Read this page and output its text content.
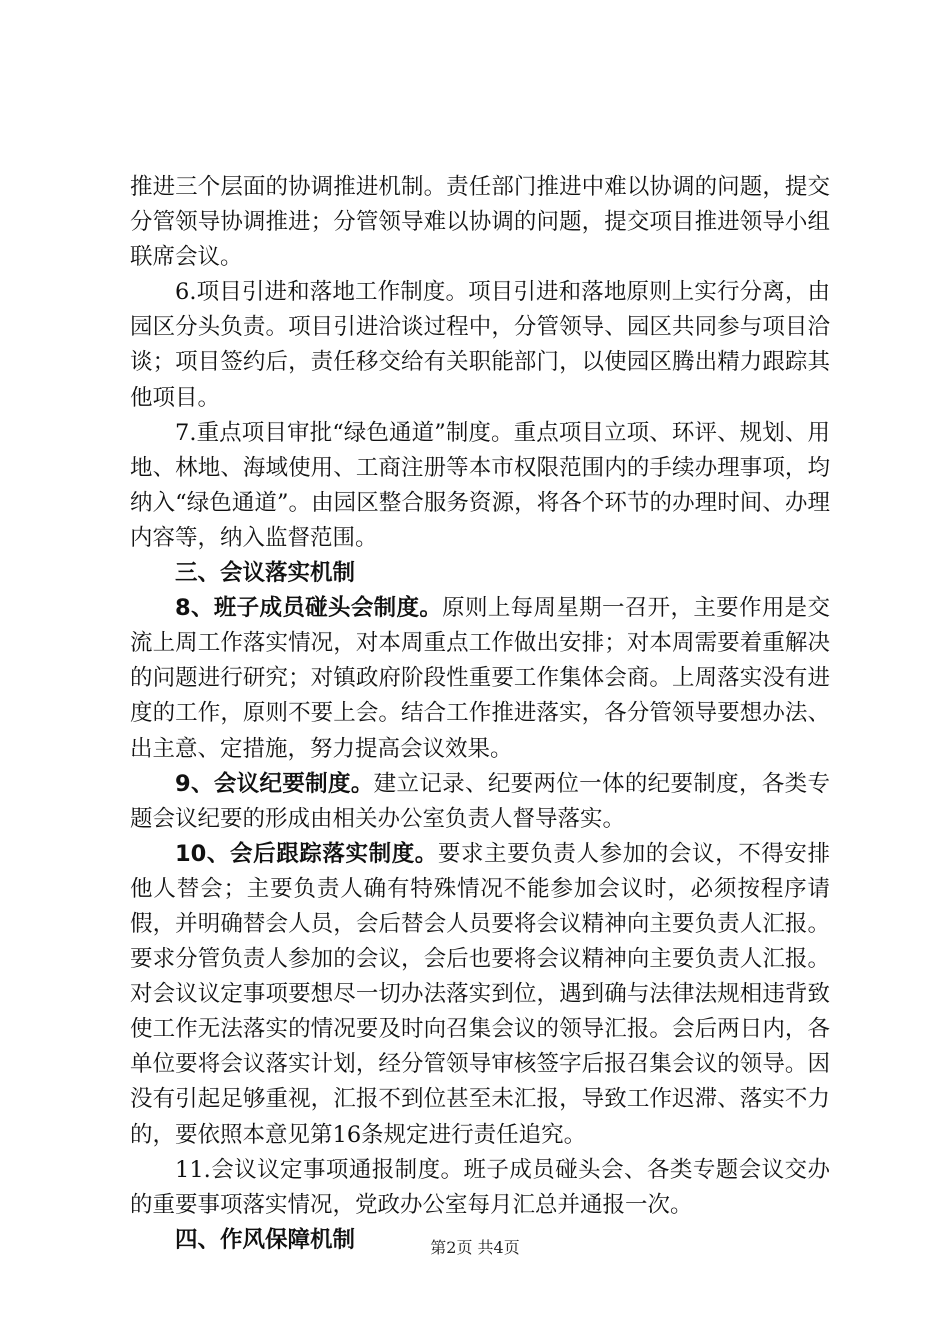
推进三个层面的协调推进机制。责任部门推进中难以协调的问题，提交分管领导协调推进；分管领导难以协调的问题，提交项目推进领导小组联席会议。

6.项目引进和落地工作制度。项目引进和落地原则上实行分离，由园区分头负责。项目引进洽谈过程中，分管领导、园区共同参与项目洽谈；项目签约后，责任移交给有关职能部门，以使园区腾出精力跟踪其他项目。

7.重点项目审批“绿色通道”制度。重点项目立项、环评、规划、用地、林地、海域使用、工商注册等本市权限范围内的手续办理事项，均纳入“绿色通道”。由园区整合服务资源，将各个环节的办理时间、办理内容等，纳入监督范围。

三、会议落实机制

8、班子成员碰头会制度。原则上每周星期一召开，主要作用是交流上周工作落实情况，对本周重点工作做出安排；对本周需要着重解决的问题进行研究；对镇政府阶段性重要工作集体会商。上周落实没有进度的工作，原则不要上会。结合工作推进落实，各分管领导要想办法、出主意、定措施，努力提高会议效果。

9、会议纪要制度。建立记录、纪要两位一体的纪要制度，各类专题会议纪要的形成由相关办公室负责人督导落实。

10、会后跟踪落实制度。要求主要负责人参加的会议，不得安排他人替会；主要负责人确有特殊情况不能参加会议时，必须按程序请假，并明确替会人员，会后替会人员要将会议精神向主要负责人汇报。要求分管负责人参加的会议，会后也要将会议精神向主要负责人汇报。对会议议定事项要想尽一切办法落实到位，遇到确与法律法规相违背致使工作无法落实的情况要及时向召集会议的领导汇报。会后两日内，各单位要将会议落实计划，经分管领导审核签字后报召集会议的领导。因没有引起足够重视，汇报不到位甚至未汇报，导致工作迟滞、落实不力的，要依照本意见第16条规定进行责任追究。

11.会议议定事项通报制度。班子成员碰头会、各类专题会议交办的重要事项落实情况，党政办公室每月汇总并通报一次。

四、作风保障机制	第2页 共4页
